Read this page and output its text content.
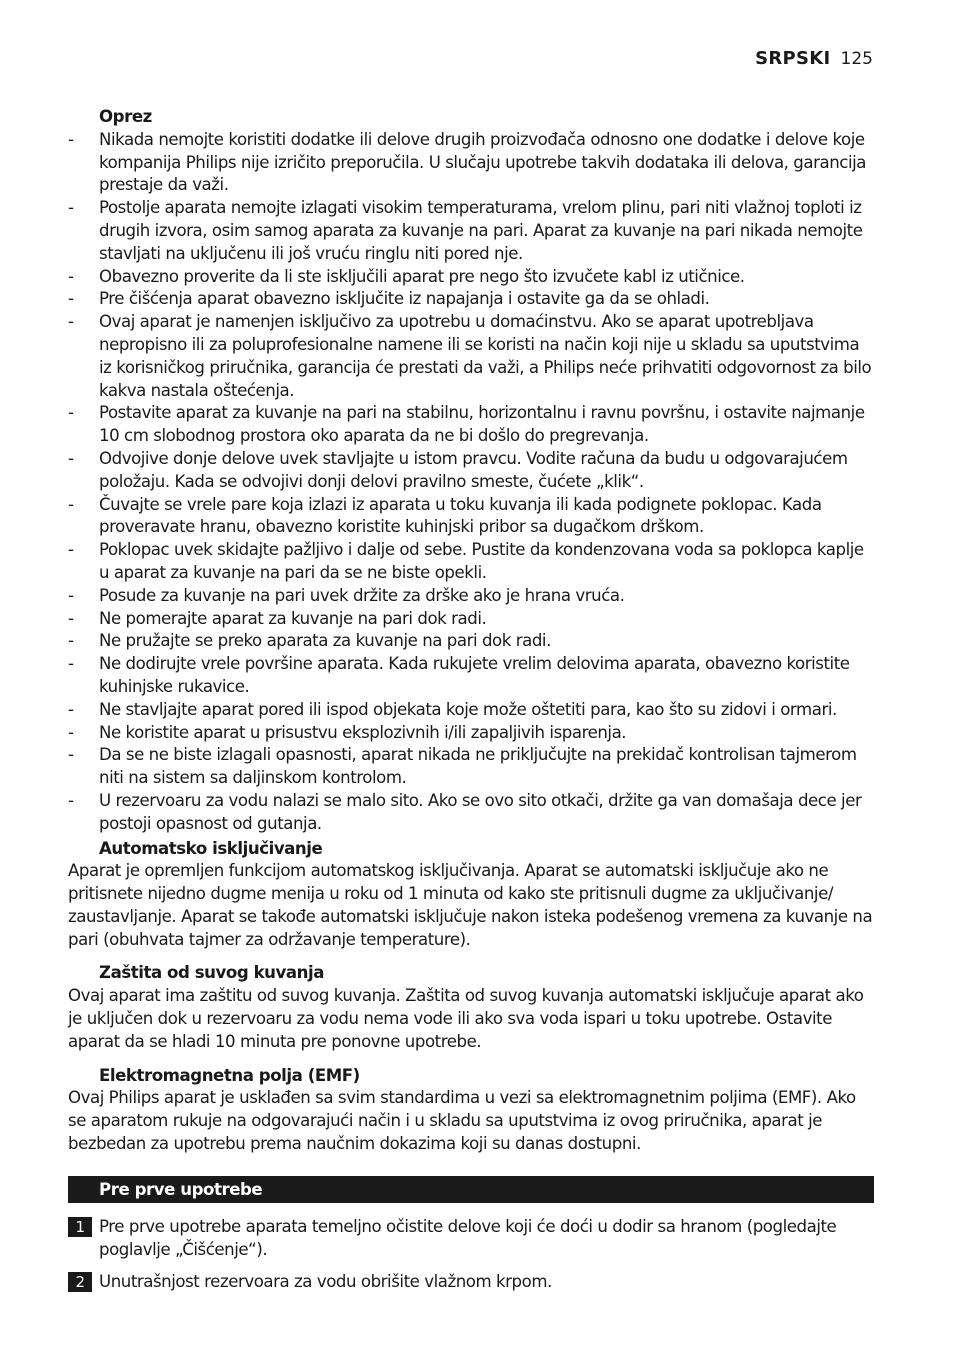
SRPSKI 125

Oprez

- Nikada nemojte koristiti dodatke ili delove drugih proizvođača odnosno one dodatke i delove koje kompanija Philips nije izričito preporučila. U slučaju upotrebe takvih dodataka ili delova, garancija prestaje da važi.
- Postolje aparata nemojte izlagati visokim temperaturama, vrelom plinu, pari niti vlažnoj toploti iz drugih izvora, osim samog aparata za kuvanje na pari. Aparat za kuvanje na pari nikada nemojte stavljati na uključenu ili još vruću ringlu niti pored nje.
- Obavezno proverite da li ste isključili aparat pre nego što izvučete kabl iz utičnice.
- Pre čišćenja aparat obavezno isključite iz napajanja i ostavite ga da se ohladi.
- Ovaj aparat je namenjen isključivo za upotrebu u domaćinstvu. Ako se aparat upotrebljava nepropisno ili za poluprofesionalne namene ili se koristi na način koji nije u skladu sa uputstvima iz korisničkog priručnika, garancija će prestati da važi, a Philips neće prihvatiti odgovornost za bilo kakva nastala oštećenja.
- Postavite aparat za kuvanje na pari na stabilnu, horizontalnu i ravnu površnu, i ostavite najmanje 10 cm slobodnog prostora oko aparata da ne bi došlo do pregrevanja.
- Odvojive donje delove uvek stavljajte u istom pravcu. Vodite računa da budu u odgovarajućem položaju. Kada se odvojivi donji delovi pravilno smeste, čućete „klik“.
- Čuvajte se vrele pare koja izlazi iz aparata u toku kuvanja ili kada podignete poklopac. Kada proveravate hranu, obavezno koristite kuhinjski pribor sa dugačkom drškom.
- Poklopac uvek skidajte pažljivo i dalje od sebe. Pustite da kondenzovana voda sa poklopca kaplje u aparat za kuvanje na pari da se ne biste opekli.
- Posude za kuvanje na pari uvek držite za drške ako je hrana vruća.
- Ne pomerajte aparat za kuvanje na pari dok radi.
- Ne pružajte se preko aparata za kuvanje na pari dok radi.
- Ne dodirujte vrele površine aparata. Kada rukujete vrelim delovima aparata, obavezno koristite kuhinjske rukavice.
- Ne stavljajte aparat pored ili ispod objekata koje može oštetiti para, kao što su zidovi i ormari.
- Ne koristite aparat u prisustvu eksplozivnih i/ili zapaljivih isparenja.
- Da se ne biste izlagali opasnosti, aparat nikada ne priključujte na prekidač kontrolisan tajmerom niti na sistem sa daljinskom kontrolom.
- U rezervoaru za vodu nalazi se malo sito. Ako se ovo sito otkači, držite ga van domašaja dece jer postoji opasnost od gutanja.

Automatsko isključivanje

Aparat je opremljen funkcijom automatskog isključivanja. Aparat se automatski isključuje ako ne pritisnete nijedno dugme menija u roku od 1 minuta od kako ste pritisnuli dugme za uključivanje/ zaustavljanje. Aparat se takođe automatski isključuje nakon isteka podešenog vremena za kuvanje na pari (obuhvata tajmer za održavanje temperature).

Zaštita od suvog kuvanja

Ovaj aparat ima zaštitu od suvog kuvanja. Zaštita od suvog kuvanja automatski isključuje aparat ako je uključen dok u rezervoaru za vodu nema vode ili ako sva voda ispari u toku upotrebe. Ostavite aparat da se hladi 10 minuta pre ponovne upotrebe.

Elektromagnetna polja (EMF)

Ovaj Philips aparat je usklađen sa svim standardima u vezi sa elektromagnetnim poljima (EMF). Ako se aparatom rukuje na odgovarajući način i u skladu sa uputstvima iz ovog priručnika, aparat je bezbedan za upotrebu prema naučnim dokazima koji su danas dostupni.

Pre prve upotrebe
1 Pre prve upotrebe aparata temeljno očistite delove koji će doći u dodir sa hranom (pogledajte poglavlje „Čišćenje“).
2 Unutrašnjost rezervoara za vodu obrišite vlažnom krpom.
